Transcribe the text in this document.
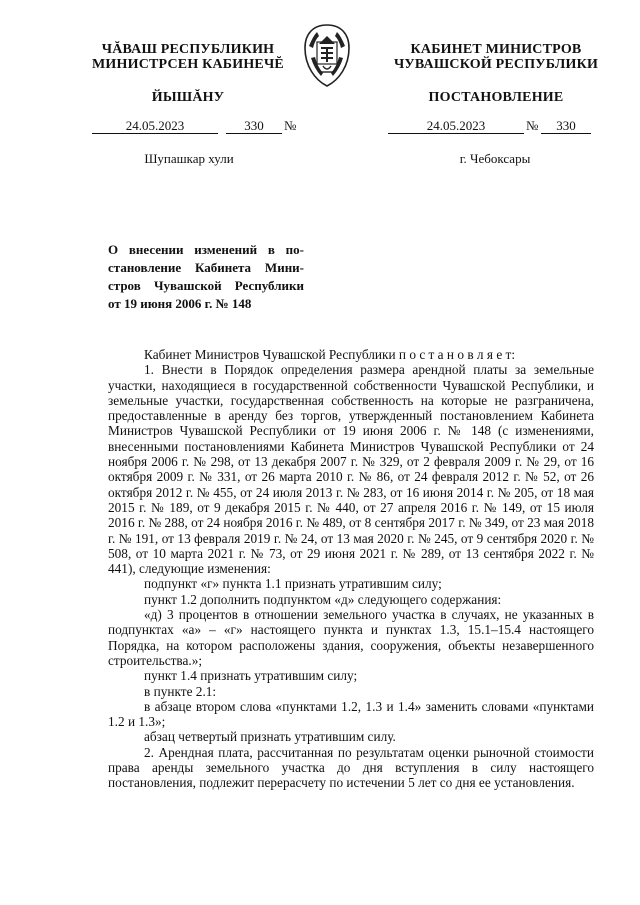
ЧĂВАШ РЕСПУБЛИКИН
МИНИСТРСЕН КАБИНЕЧĔ
ЙЫШĂНУ
КАБИНЕТ МИНИСТРОВ
ЧУВАШСКОЙ РЕСПУБЛИКИ
ПОСТАНОВЛЕНИЕ
24.05.2023	330	№	24.05.2023	№	330
Шупашкар хули	г. Чебоксары
О внесении изменений в по-
становление Кабинета Мини-
стров Чувашской Республики
от 19 июня 2006 г. № 148

Кабинет Министров Чувашской Республики п о с т а н о в л я е т:

1. Внести в Порядок определения размера арендной платы за земельные участки, находящиеся в государственной собственности Чувашской Республики, и земельные участки, государственная собственность на которые не разграничена, предоставленные в аренду без торгов, утвержденный постановлением Кабинета Министров Чувашской Республики от 19 июня 2006 г. № 148 (с изменениями, внесенными постановлениями Кабинета Министров Чувашской Республики от 24 ноября 2006 г. № 298, от 13 декабря 2007 г. № 329, от 2 февраля 2009 г. № 29, от 16 октября 2009 г. № 331, от 26 марта 2010 г. № 86, от 24 февраля 2012 г. № 52, от 26 октября 2012 г. № 455, от 24 июля 2013 г. № 283, от 16 июня 2014 г. № 205, от 18 мая 2015 г. № 189, от 9 декабря 2015 г. № 440, от 27 апреля 2016 г. № 149, от 15 июля 2016 г. № 288, от 24 ноября 2016 г. № 489, от 8 сентября 2017 г. № 349, от 23 мая 2018 г. № 191, от 13 февраля 2019 г. № 24, от 13 мая 2020 г. № 245, от 9 сентября 2020 г. № 508, от 10 марта 2021 г. № 73, от 29 июня 2021 г. № 289, от 13 сентября 2022 г. № 441), следующие изменения:

подпункт «г» пункта 1.1 признать утратившим силу;

пункт 1.2 дополнить подпунктом «д» следующего содержания:

«д) 3 процентов в отношении земельного участка в случаях, не указанных в подпунктах «а» – «г» настоящего пункта и пунктах 1.3, 15.1–15.4 настоящего Порядка, на котором расположены здания, сооружения, объекты незавершенного строительства.»;

пункт 1.4 признать утратившим силу;

в пункте 2.1:

в абзаце втором слова «пунктами 1.2, 1.3 и 1.4» заменить словами «пунктами 1.2 и 1.3»;

абзац четвертый признать утратившим силу.

2. Арендная плата, рассчитанная по результатам оценки рыночной стоимости права аренды земельного участка до дня вступления в силу настоящего постановления, подлежит перерасчету по истечении 5 лет со дня ее установления.
